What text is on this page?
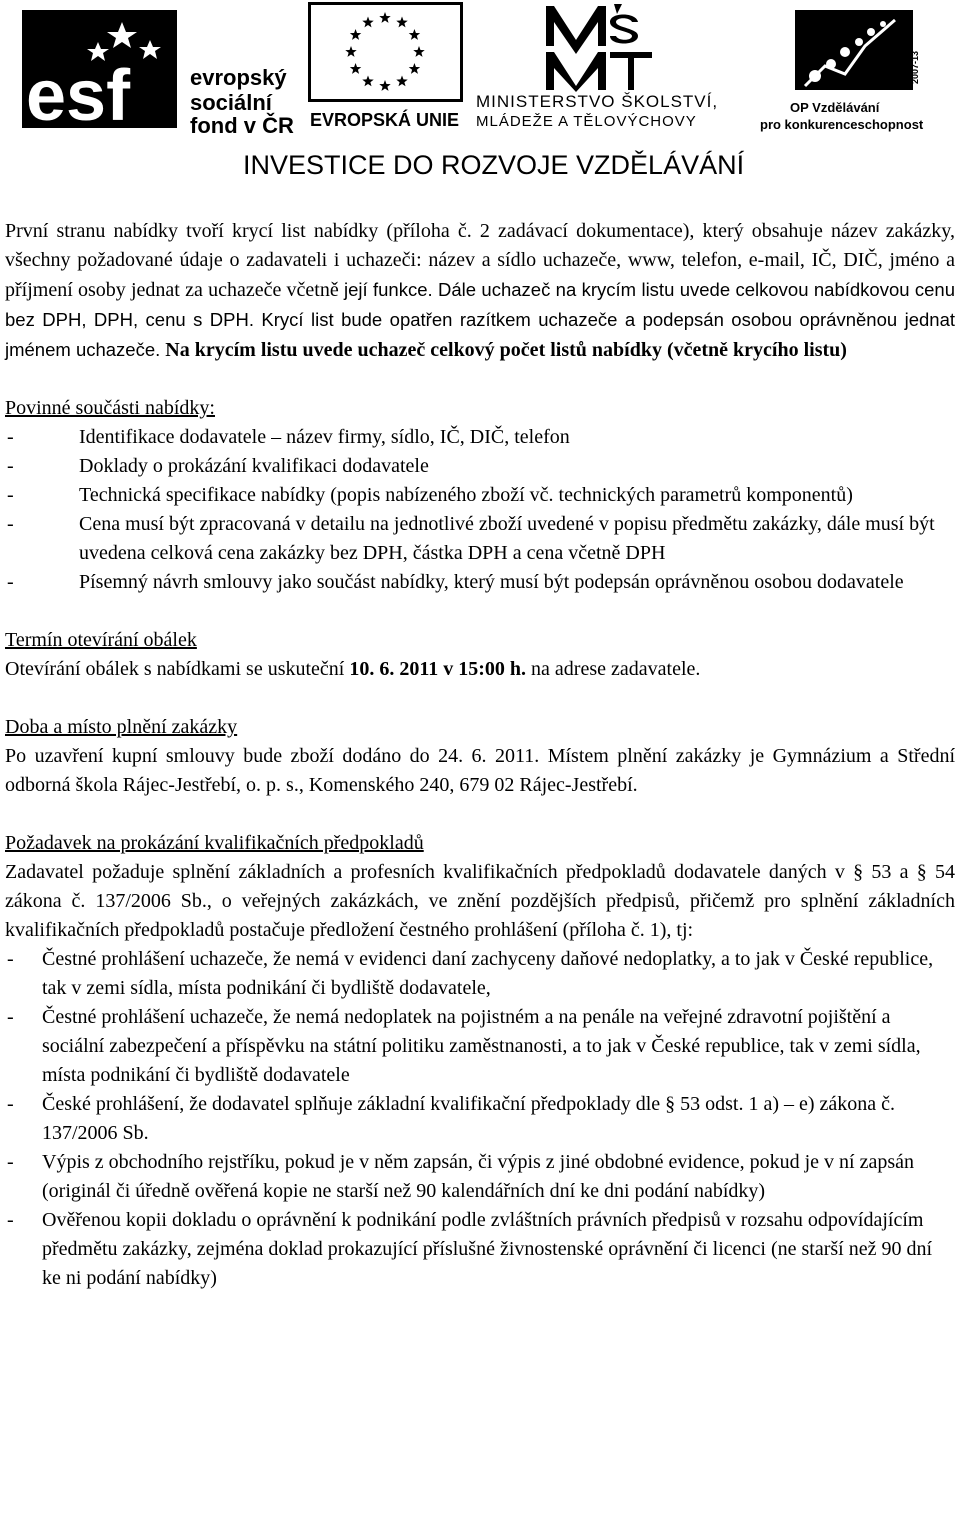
esf	evropský
sociální
fond v ČR EVROPSKÁ UNIE
MINISTERSTVO ŠKOLSTVÍ,
MLÁDEŽE A TĚLOVÝCHOVY
2007-13
OP Vzdělávání
pro konkurenceschopnost
INVESTICE DO ROZVOJE VZDĚLÁVÁNÍ

První stranu nabídky tvoří krycí list nabídky (příloha č. 2 zadávací dokumentace), který obsahuje název zakázky, všechny požadované údaje o zadavateli i uchazeči: název a sídlo uchazeče, www, telefon, e-mail, IČ, DIČ, jméno a příjmení osoby jednat za uchazeče včetně její funkce. Dále uchazeč na krycím listu uvede celkovou nabídkovou cenu bez DPH, DPH, cenu s DPH. Krycí list bude opatřen razítkem uchazeče a podepsán osobou oprávněnou jednat jménem uchazeče. Na krycím listu uvede uchazeč celkový počet listů nabídky (včetně krycího listu)

Povinné součásti nabídky:

- Identifikace dodavatele – název firmy, sídlo, IČ, DIČ, telefon
- Doklady o prokázání kvalifikaci dodavatele
- Technická specifikace nabídky (popis nabízeného zboží vč. technických parametrů komponentů)
- Cena musí být zpracovaná v detailu na jednotlivé zboží uvedené v popisu předmětu zakázky, dále musí být uvedena celková cena zakázky bez DPH, částka DPH a cena včetně DPH
- Písemný návrh smlouvy jako součást nabídky, který musí být podepsán oprávněnou osobou dodavatele

Termín otevírání obálek

Otevírání obálek s nabídkami se uskuteční 10. 6. 2011 v 15:00 h. na adrese zadavatele.

Doba a místo plnění zakázky

Po uzavření kupní smlouvy bude zboží dodáno do 24. 6. 2011. Místem plnění zakázky je Gymnázium a Střední odborná škola Rájec-Jestřebí, o. p. s., Komenského 240, 679 02 Rájec-Jestřebí.

Požadavek na prokázání kvalifikačních předpokladů

Zadavatel požaduje splnění základních a profesních kvalifikačních předpokladů dodavatele daných v § 53 a § 54 zákona č. 137/2006 Sb., o veřejných zakázkách, ve znění pozdějších předpisů, přičemž pro splnění základních kvalifikačních předpokladů postačuje předložení čestného prohlášení (příloha č. 1), tj:

- Čestné prohlášení uchazeče, že nemá v evidenci daní zachyceny daňové nedoplatky, a to jak v České republice, tak v zemi sídla, místa podnikání či bydliště dodavatele,
- Čestné prohlášení uchazeče, že nemá nedoplatek na pojistném a na penále na veřejné zdravotní pojištění a sociální zabezpečení a příspěvku na státní politiku zaměstnanosti, a to jak v České republice, tak v zemi sídla, místa podnikání či bydliště dodavatele
- České prohlášení, že dodavatel splňuje základní kvalifikační předpoklady dle § 53 odst. 1 a) – e) zákona č. 137/2006 Sb.
- Výpis z obchodního rejstříku, pokud je v něm zapsán, či výpis z jiné obdobné evidence, pokud je v ní zapsán (originál či úředně ověřená kopie ne starší než 90 kalendářních dní ke dni podání nabídky)
- Ověřenou kopii dokladu o oprávnění k podnikání podle zvláštních právních předpisů v rozsahu odpovídajícím předmětu zakázky, zejména doklad prokazující příslušné živnostenské oprávnění či licenci (ne starší než 90 dní ke ni podání nabídky)
